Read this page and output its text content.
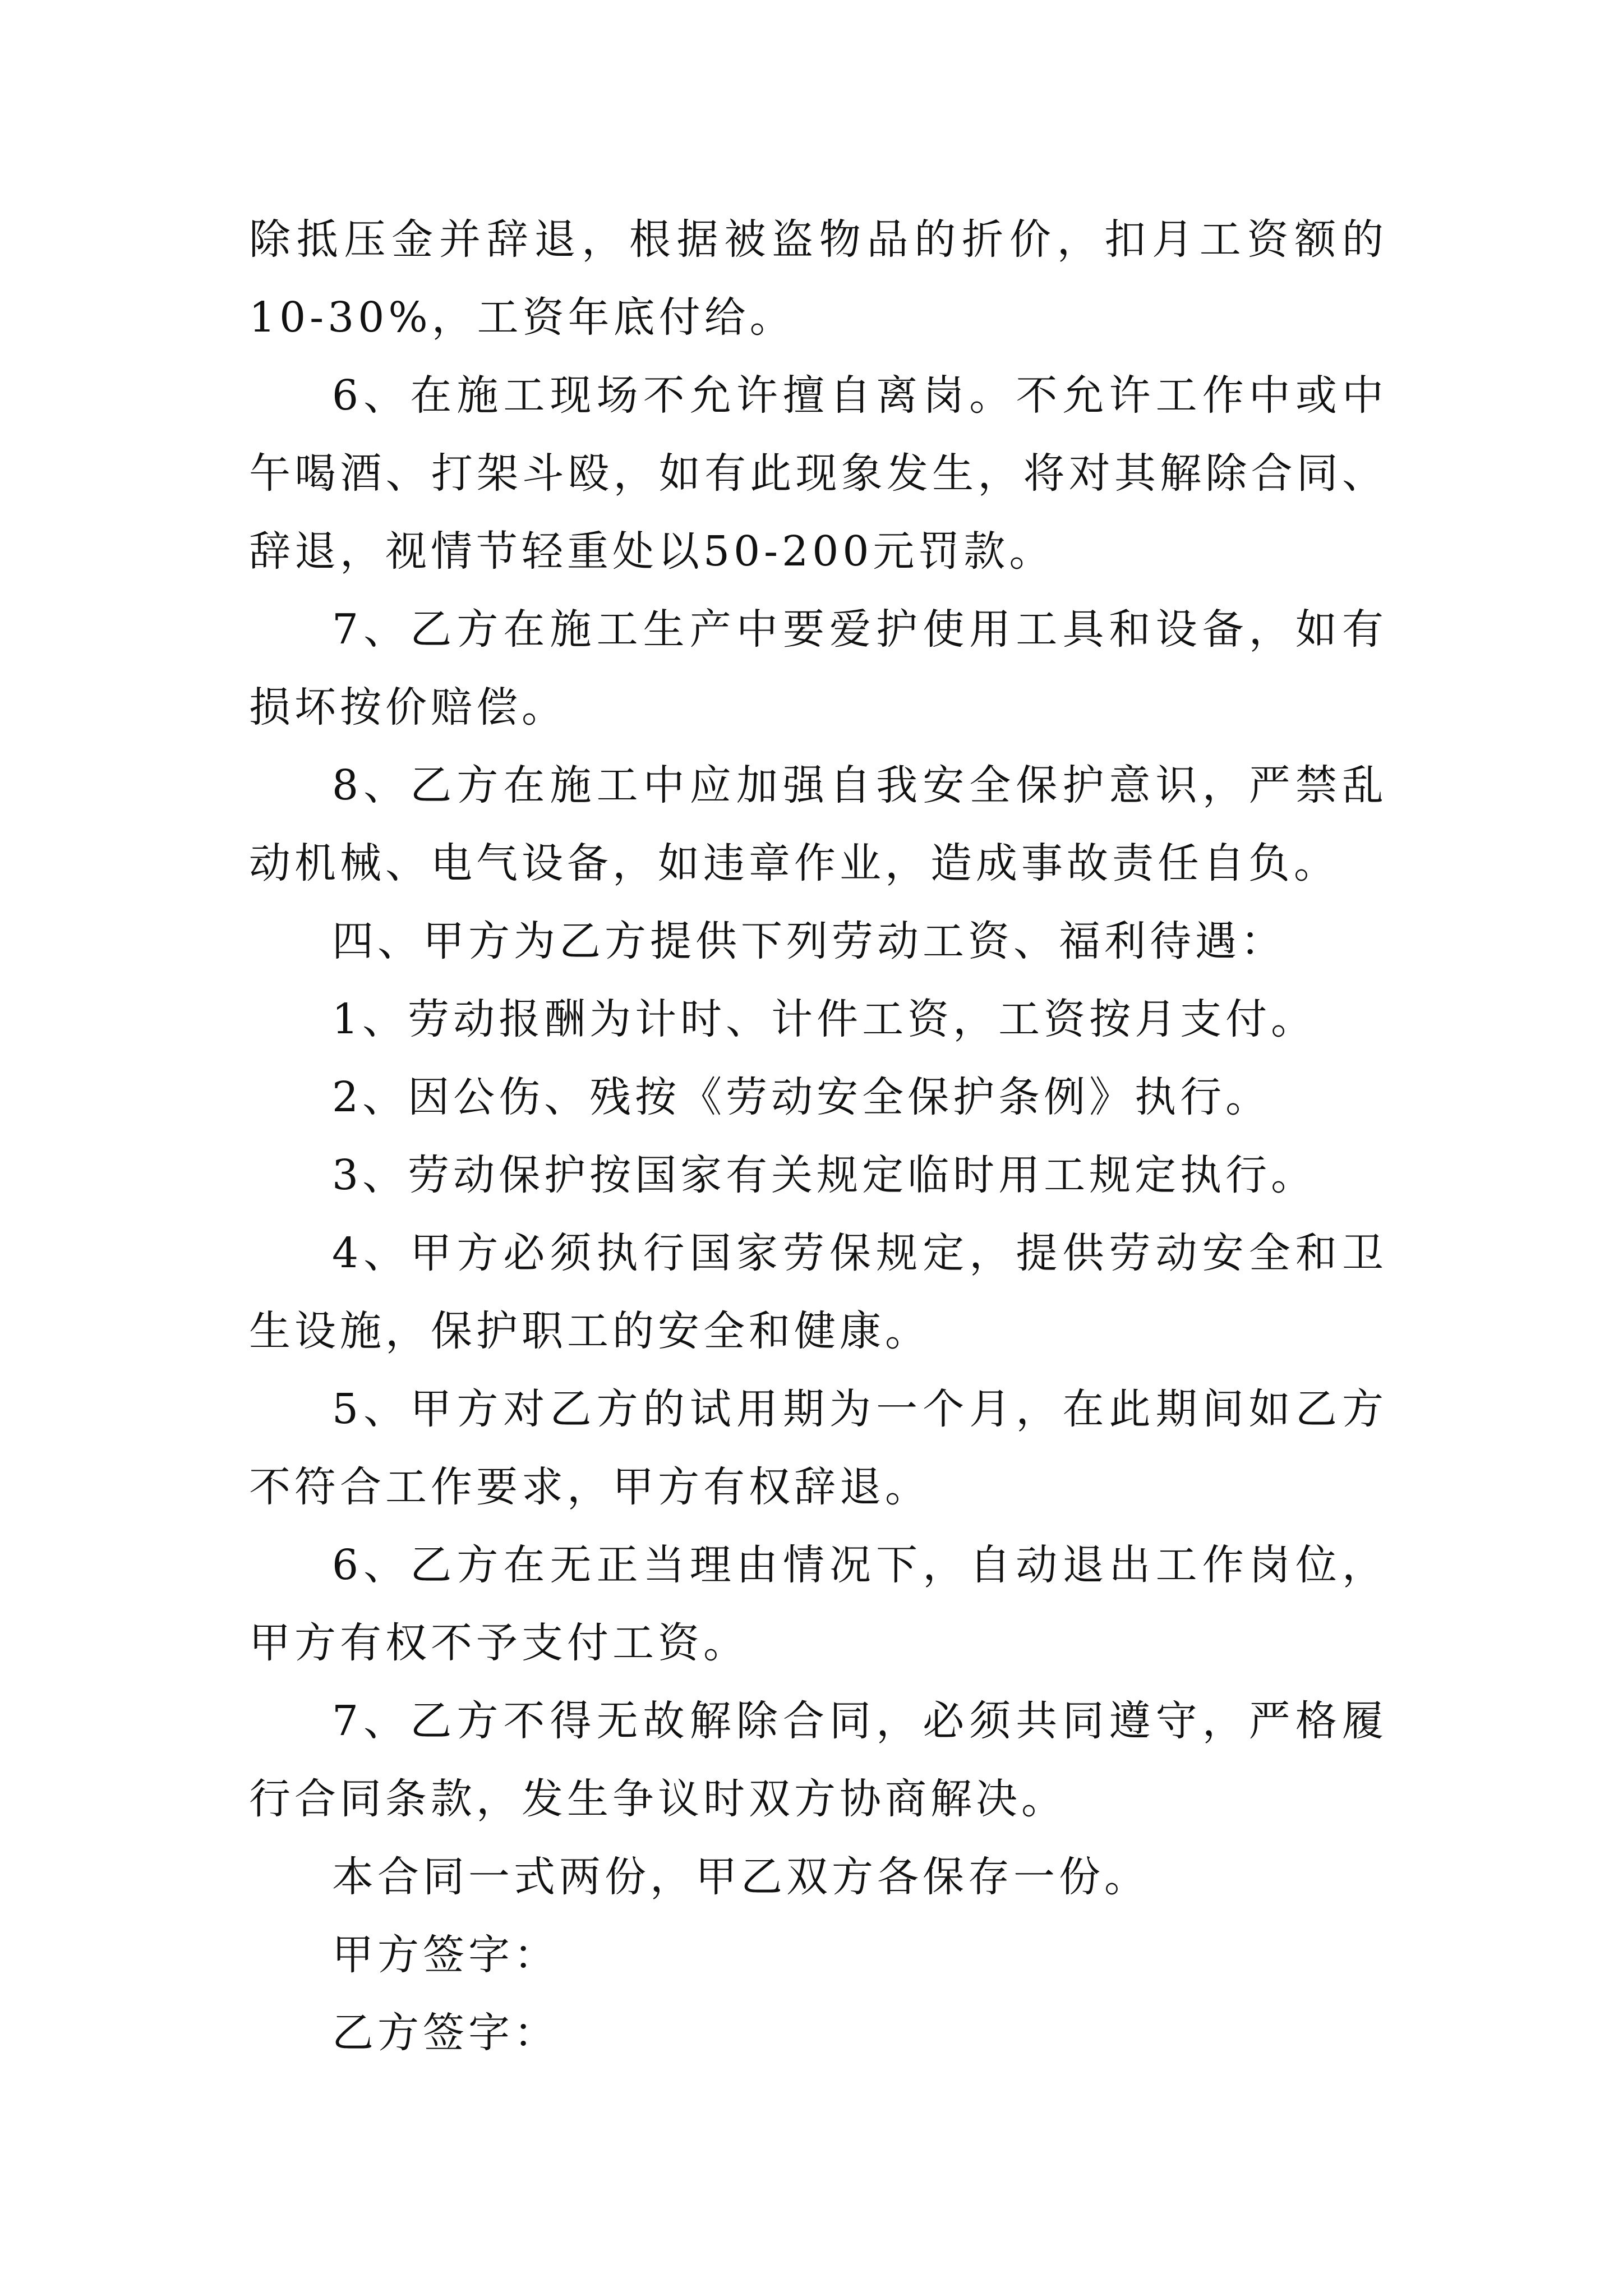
除抵压金并辞退，根据被盗物品的折价，扣月工资额的10-30%，工资年底付给。

6、在施工现场不允许擅自离岗。不允许工作中或中午喝酒、打架斗殴，如有此现象发生，将对其解除合同、辞退，视情节轻重处以50-200元罚款。

7、乙方在施工生产中要爱护使用工具和设备，如有损坏按价赔偿。

8、乙方在施工中应加强自我安全保护意识，严禁乱动机械、电气设备，如违章作业，造成事故责任自负。

四、甲方为乙方提供下列劳动工资、福利待遇：

1、劳动报酬为计时、计件工资，工资按月支付。

2、因公伤、残按《劳动安全保护条例》执行。

3、劳动保护按国家有关规定临时用工规定执行。

4、甲方必须执行国家劳保规定，提供劳动安全和卫生设施，保护职工的安全和健康。

5、甲方对乙方的试用期为一个月，在此期间如乙方不符合工作要求，甲方有权辞退。

6、乙方在无正当理由情况下，自动退出工作岗位，甲方有权不予支付工资。

7、乙方不得无故解除合同，必须共同遵守，严格履行合同条款，发生争议时双方协商解决。

本合同一式两份，甲乙双方各保存一份。

甲方签字：

乙方签字：
